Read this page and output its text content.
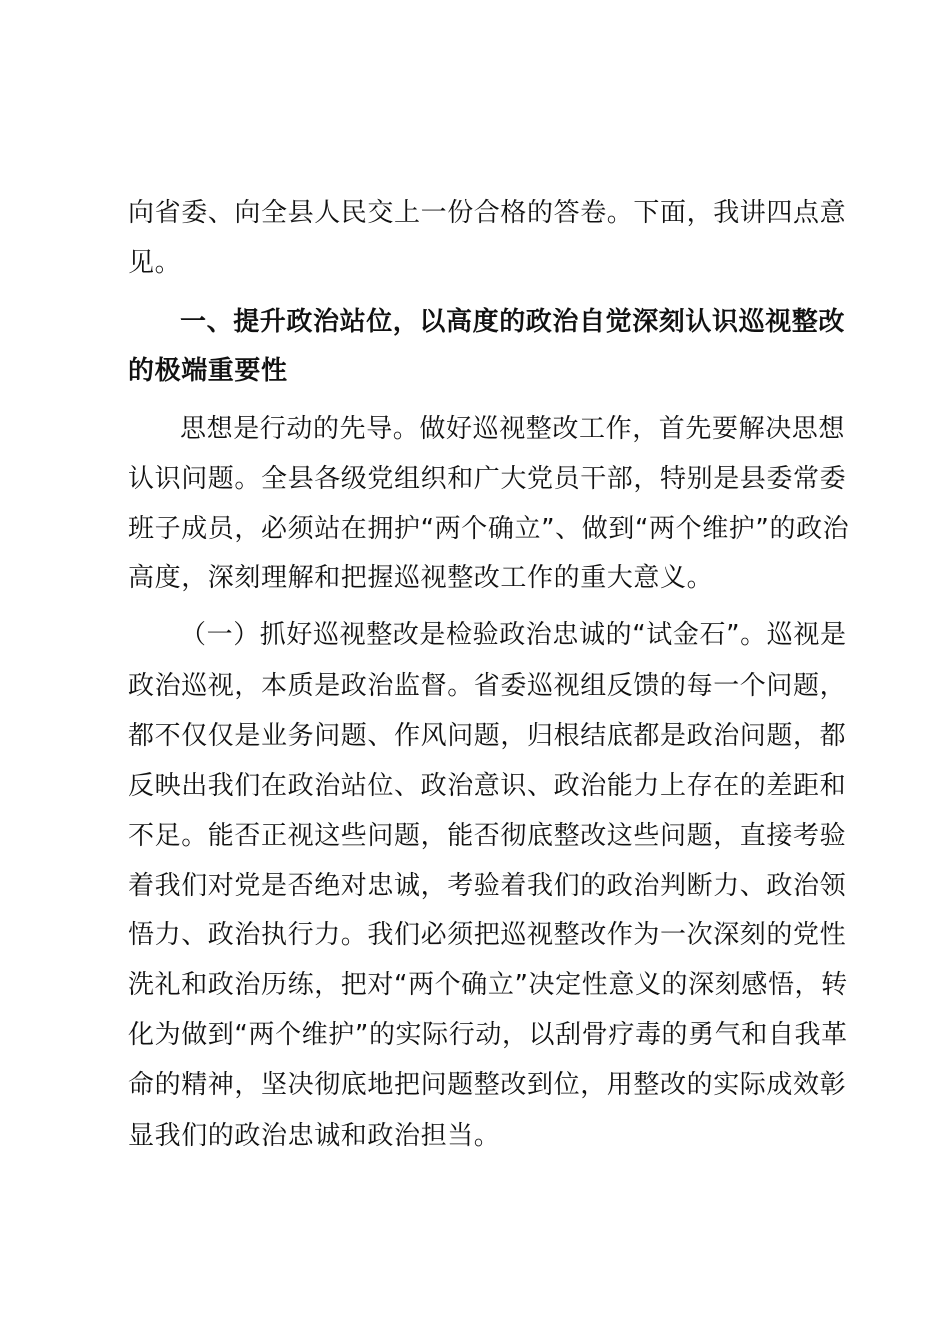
向省委、向全县人民交上一份合格的答卷。下面，我讲四点意
见。
一、提升政治站位，以高度的政治自觉深刻认识巡视整改
的极端重要性
思想是行动的先导。做好巡视整改工作，首先要解决思想
认识问题。全县各级党组织和广大党员干部，特别是县委常委
班子成员，必须站在拥护“两个确立”、做到“两个维护”的政治
高度，深刻理解和把握巡视整改工作的重大意义。
（一）抓好巡视整改是检验政治忠诚的“试金石”。巡视是
政治巡视，本质是政治监督。省委巡视组反馈的每一个问题，
都不仅仅是业务问题、作风问题，归根结底都是政治问题，都
反映出我们在政治站位、政治意识、政治能力上存在的差距和
不足。能否正视这些问题，能否彻底整改这些问题，直接考验
着我们对党是否绝对忠诚，考验着我们的政治判断力、政治领
悟力、政治执行力。我们必须把巡视整改作为一次深刻的党性
洗礼和政治历练，把对“两个确立”决定性意义的深刻感悟，转
化为做到“两个维护”的实际行动，以刮骨疗毒的勇气和自我革
命的精神，坚决彻底地把问题整改到位，用整改的实际成效彰
显我们的政治忠诚和政治担当。
